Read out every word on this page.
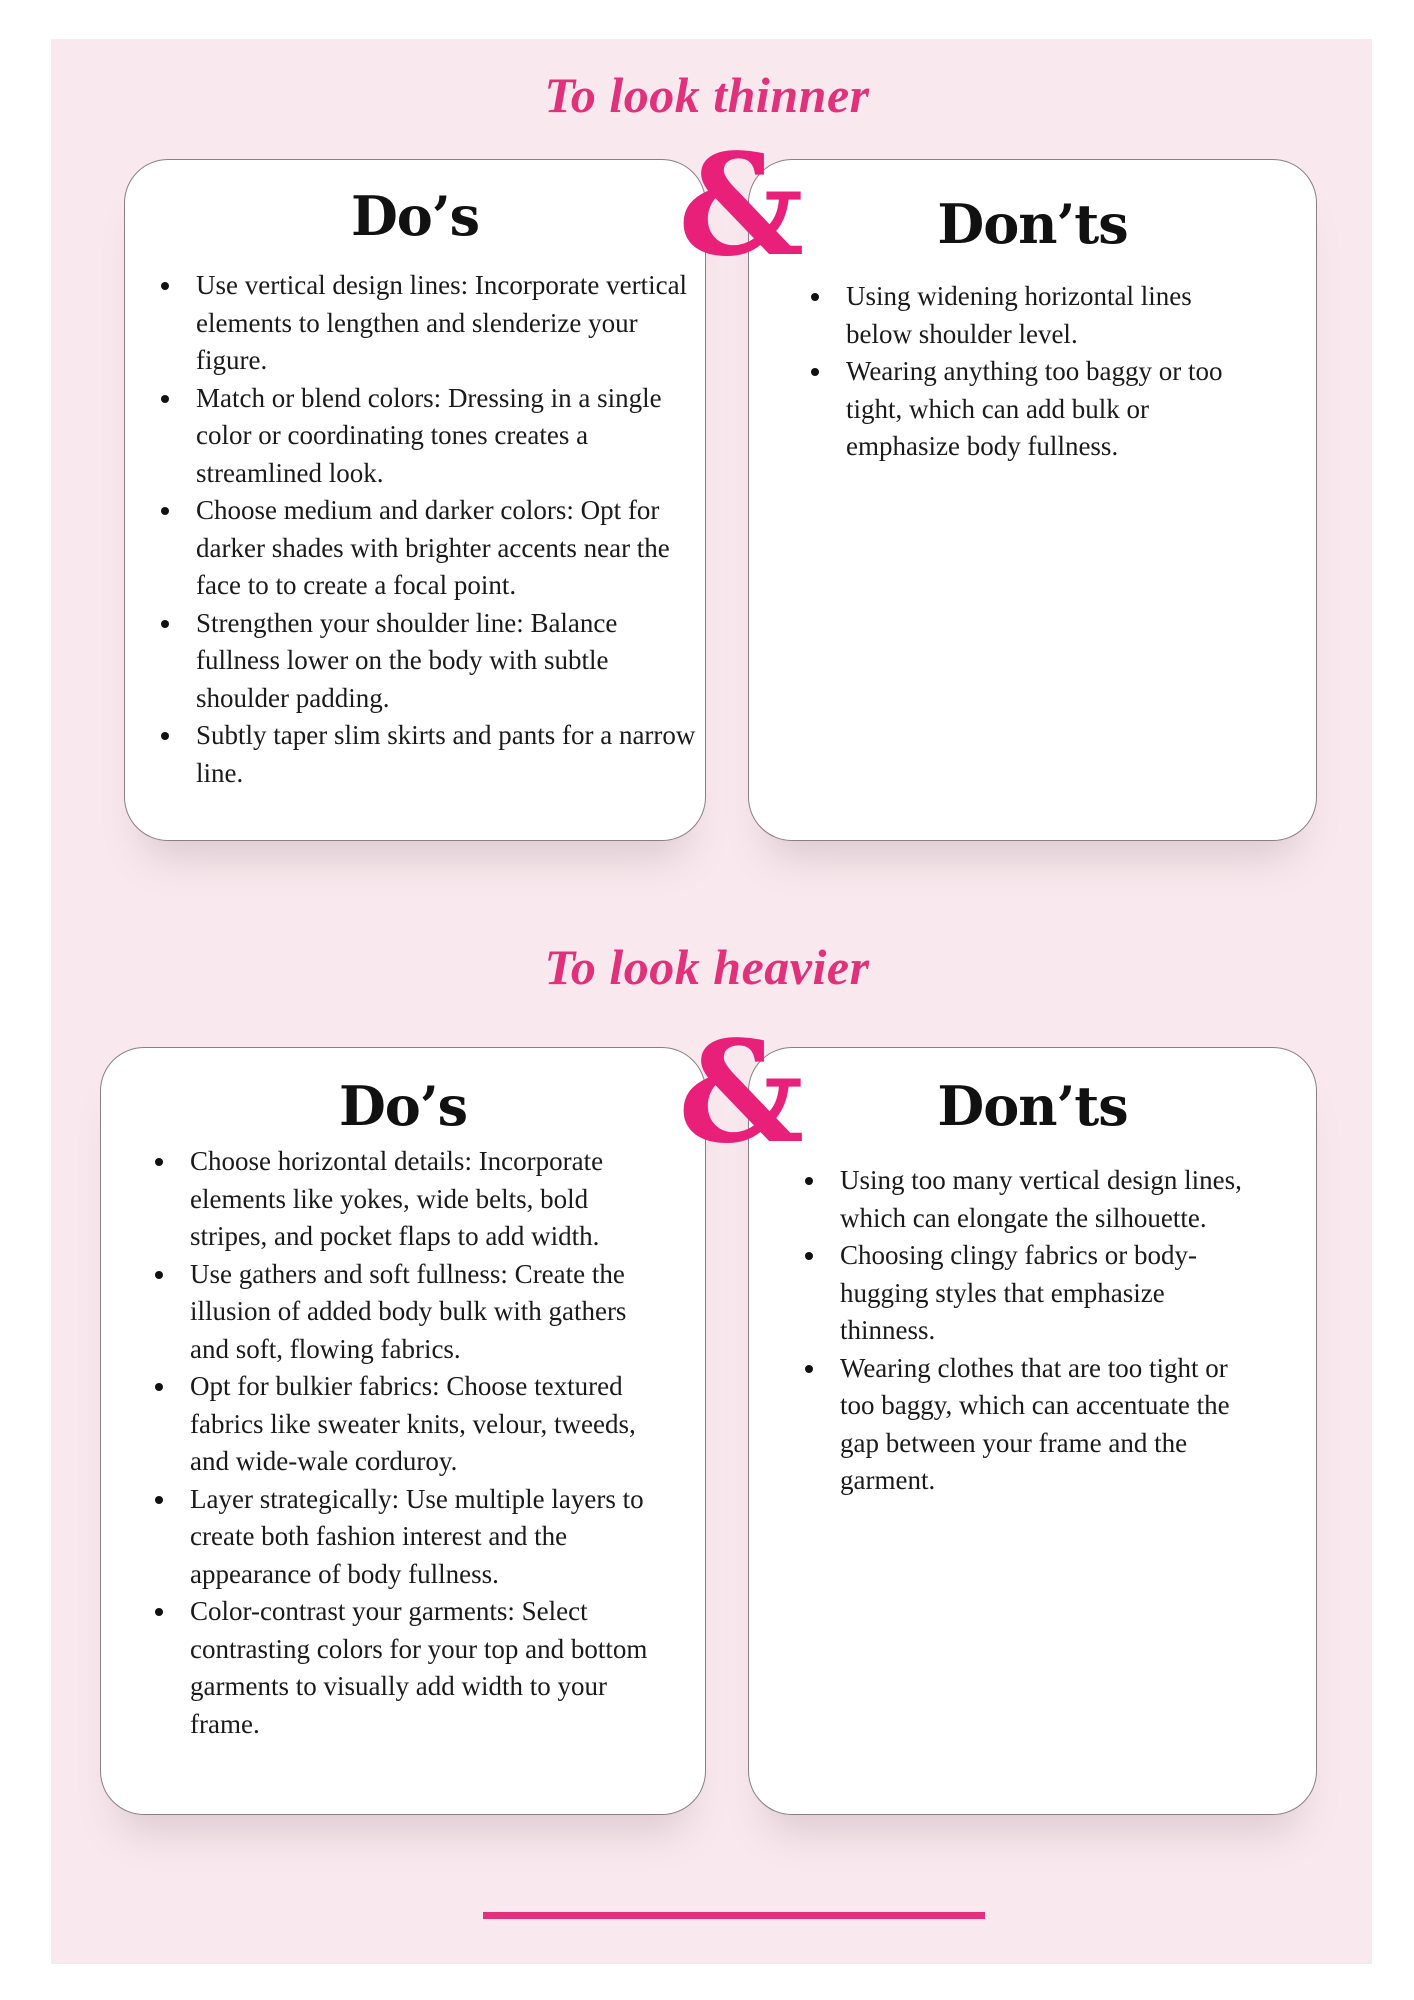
To look thinner
Do’s
Use vertical design lines: Incorporate vertical elements to lengthen and slenderize your figure.
Match or blend colors: Dressing in a single color or coordinating tones creates a streamlined look.
Choose medium and darker colors: Opt for darker shades with brighter accents near the face to to create a focal point.
Strengthen your shoulder line: Balance fullness lower on the body with subtle shoulder padding.
Subtly taper slim skirts and pants for a narrow line.
Don’ts
Using widening horizontal lines below shoulder level.
Wearing anything too baggy or too tight, which can add bulk or emphasize body fullness.
&
To look heavier
Do’s
Choose horizontal details: Incorporate elements like yokes, wide belts, bold stripes, and pocket flaps to add width.
Use gathers and soft fullness: Create the illusion of added body bulk with gathers and soft, flowing fabrics.
Opt for bulkier fabrics: Choose textured fabrics like sweater knits, velour, tweeds, and wide-wale corduroy.
Layer strategically: Use multiple layers to create both fashion interest and the appearance of body fullness.
Color-contrast your garments: Select contrasting colors for your top and bottom garments to visually add width to your frame.
Don’ts
Using too many vertical design lines, which can elongate the silhouette.
Choosing clingy fabrics or body-hugging styles that emphasize thinness.
Wearing clothes that are too tight or too baggy, which can accentuate the gap between your frame and the garment.
&
